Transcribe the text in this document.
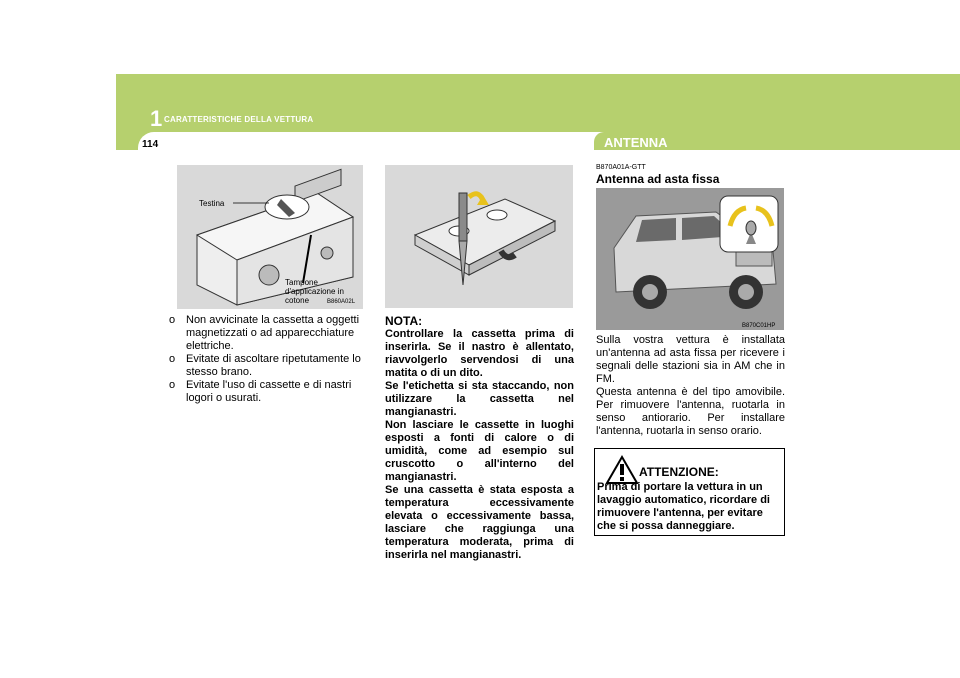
1 CARATTERISTICHE DELLA VETTURA
114	ANTENNA
Testina
Tampone
d'applicazione in
cotone	B860A02L

o Non avvicinate la cassetta a oggetti magnetizzati o ad apparecchiature elettriche.

o Evitate di ascoltare ripetutamente lo stesso brano.

o Evitate l'uso di cassette e di nastri logori o usurati.

NOTA:

Controllare la cassetta prima di inserirla. Se il nastro è allentato, riavvolgerlo servendosi di una matita o di un dito.

Se l'etichetta si sta staccando, non utilizzare la cassetta nel mangianastri.

Non lasciare le cassette in luoghi esposti a fonti di calore o di umidità, come ad esempio sul cruscotto o all'interno del mangianastri.

Se una cassetta è stata esposta a temperatura eccessivamente elevata o eccessivamente bassa, lasciare che raggiunga una temperatura moderata, prima di inserirla nel mangianastri.

B870A01A-GTT
Antenna ad asta fissa
B870C01HP

Sulla vostra vettura è installata un'antenna ad asta fissa per ricevere i segnali delle stazioni sia in AM che in FM.

Questa antenna è del tipo amovibile. Per rimuovere l'antenna, ruotarla in senso antiorario. Per installare l'antenna, ruotarla in senso orario.

ATTENZIONE:
Prima di portare la vettura in un lavaggio automatico, ricordare di rimuovere l'antenna, per evitare che si possa danneggiare.
